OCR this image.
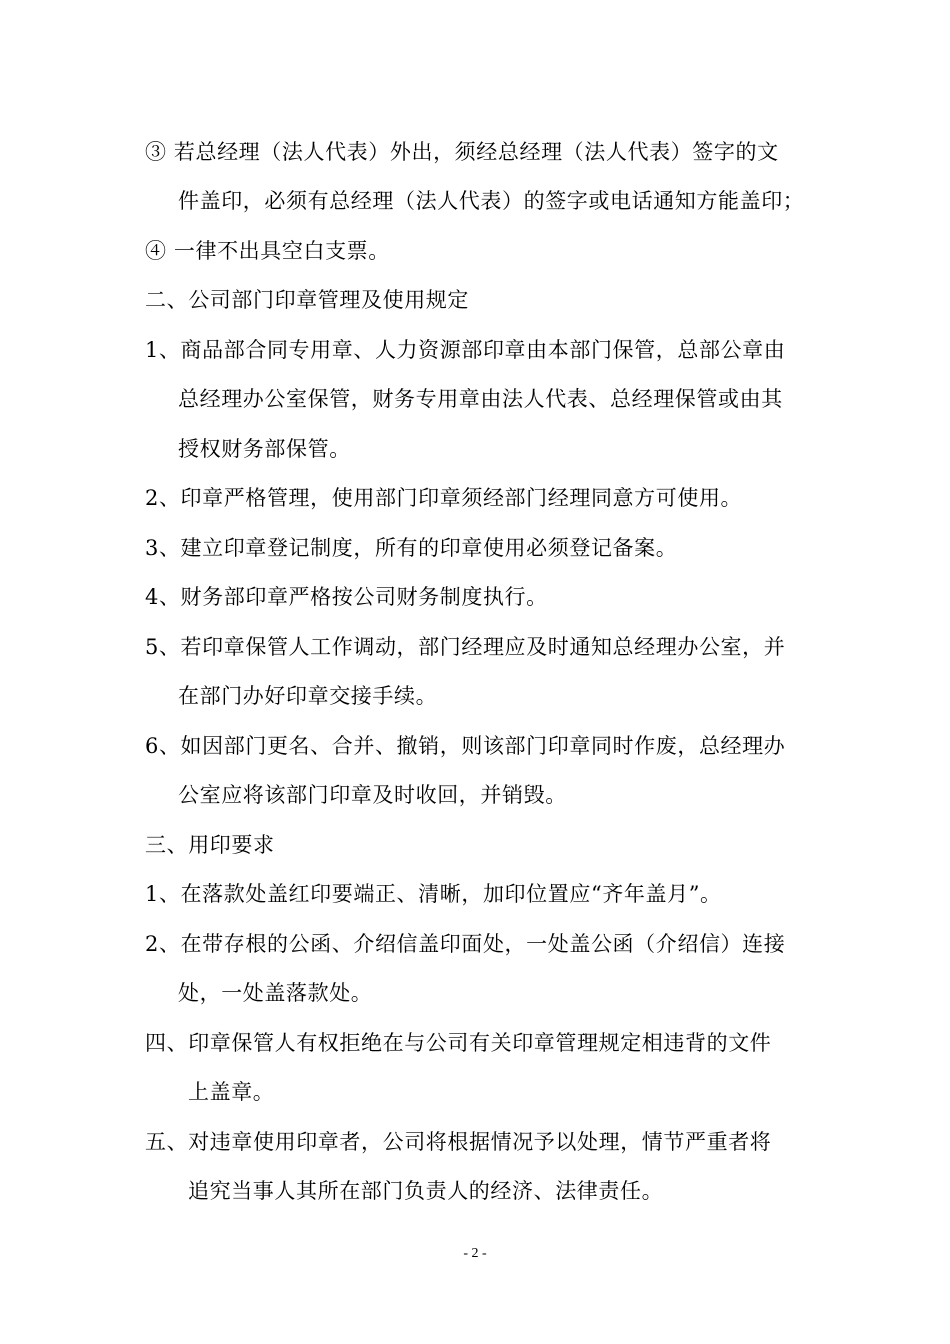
③ 若总经理（法人代表）外出，须经总经理（法人代表）签字的文
件盖印，必须有总经理（法人代表）的签字或电话通知方能盖印；
④ 一律不出具空白支票。
二、公司部门印章管理及使用规定
1、商品部合同专用章、人力资源部印章由本部门保管，总部公章由
总经理办公室保管，财务专用章由法人代表、总经理保管或由其
授权财务部保管。
2、印章严格管理，使用部门印章须经部门经理同意方可使用。
3、建立印章登记制度，所有的印章使用必须登记备案。
4、财务部印章严格按公司财务制度执行。
5、若印章保管人工作调动，部门经理应及时通知总经理办公室，并
在部门办好印章交接手续。
6、如因部门更名、合并、撤销，则该部门印章同时作废，总经理办
公室应将该部门印章及时收回，并销毁。
三、用印要求
1、在落款处盖红印要端正、清晰，加印位置应“齐年盖月”。
2、在带存根的公函、介绍信盖印面处，一处盖公函（介绍信）连接
处，一处盖落款处。
四、印章保管人有权拒绝在与公司有关印章管理规定相违背的文件
上盖章。
五、对违章使用印章者，公司将根据情况予以处理，情节严重者将
追究当事人其所在部门负责人的经济、法律责任。
- 2 -
